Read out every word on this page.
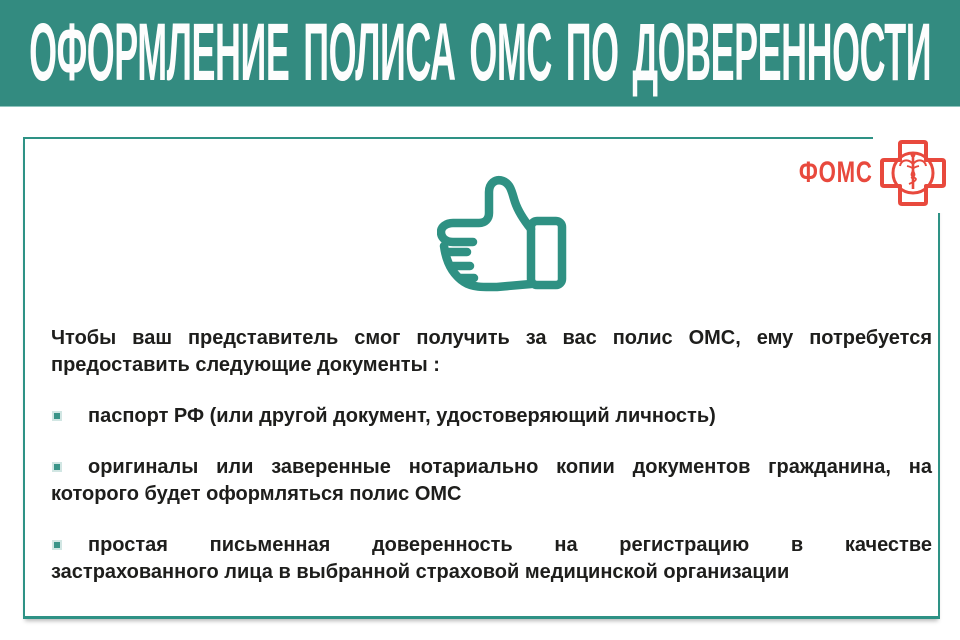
ОФОРМЛЕНИЕ ПОЛИСА ОМС ПО ДОВЕРЕННОСТИ

Чтобы ваш представитель смог получить за вас полис ОМС, ему потребуется
предоставить следующие документы :

паспорт РФ (или другой документ, удостоверяющий личность)

оригиналы или заверенные нотариально копии документов гражданина, на
которого будет оформляться полис ОМС

простая письменная доверенность на регистрацию в качестве
застрахованного лица в выбранной страховой медицинской организации

ФОМС
